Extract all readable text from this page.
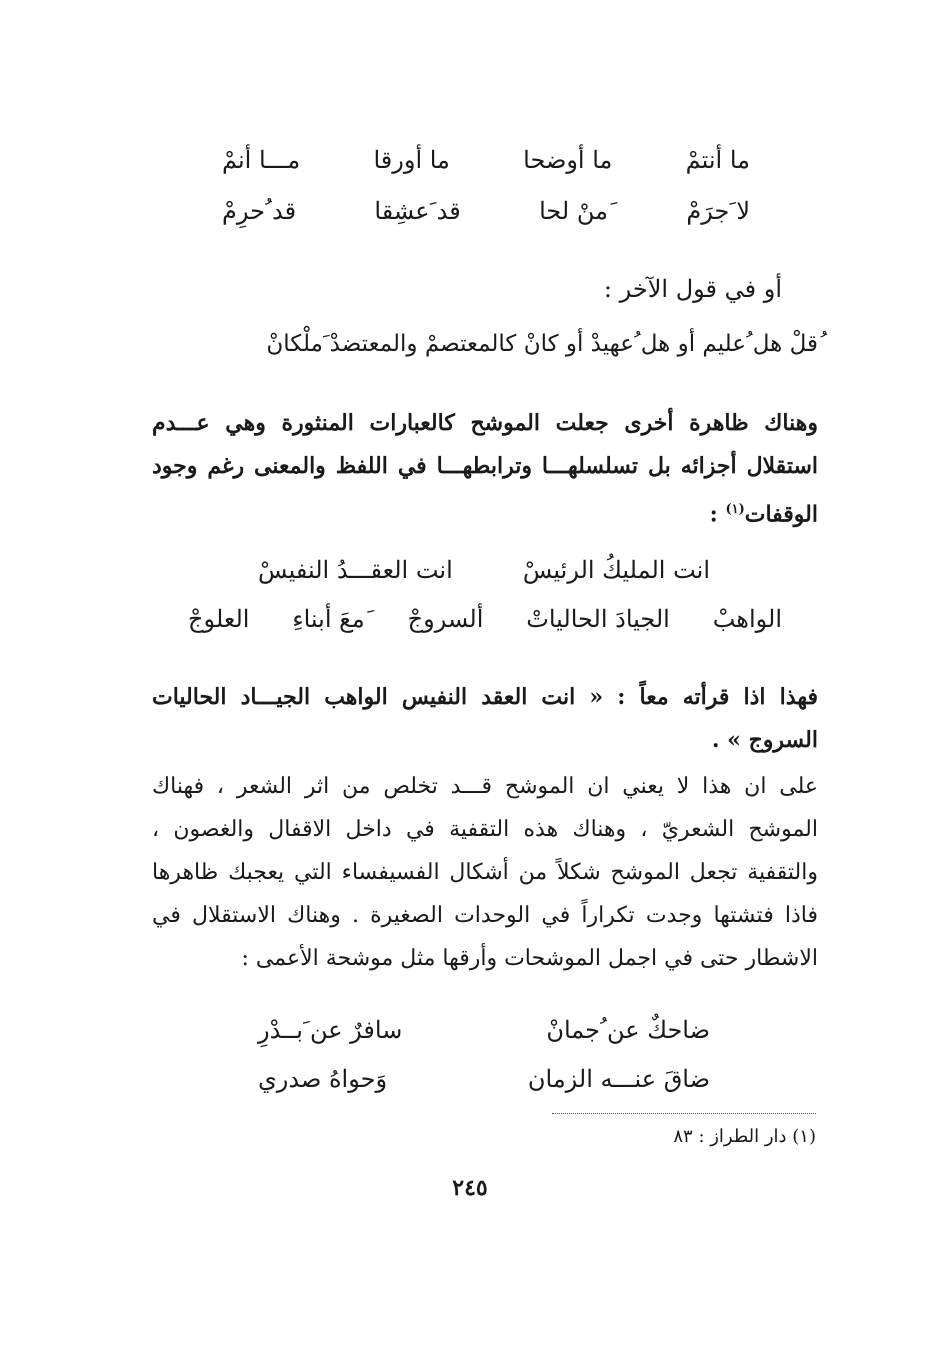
ما أنتمْ
ما أوضحا
ما أورقا
مـــا أنمْ
لا َجرَمْ
َمنْ لحا
قد َعشِقا
قد ُحرِمْ
أو في قول الآخر :
ُقلْ هل ُعليم أو هل ُعهيدْ أو كانْ كالمعتصمْ والمعتضدْ َملْكانْ
وهناك ظاهرة أخرى جعلت الموشح كالعبارات المنثورة وهي عـــدم استقلال أجزائه بل تسلسلهـــا وترابطهـــا في اللفظ والمعنى رغم وجود الوقفات$^{(١)}$ :
انت المليكُ الرئيسْ
انت العقـــدُ النفيسْ
الواهبْ
الجيادَ الحالياتْ
ألسروجْ
َمعَ أبناءِ
العلوجْ
فهذا اذا قرأته معاً : « انت العقد النفيس الواهب الجيـــاد الحاليات السروج » .
على ان هذا لا يعني ان الموشح قـــد تخلص من اثر الشعر ، فهناك الموشح الشعريّ ، وهناك هذه التقفية في داخل الاقفال والغصون ، والتقفية تجعل الموشح شكلاً من أشكال الفسيفساء التي يعجبك ظاهرها فاذا فتشتها وجدت تكراراً في الوحدات الصغيرة . وهناك الاستقلال في الاشطار حتى في اجمل الموشحات وأرقها مثل موشحة الأعمى :
ضاحكٌ عن ُجمانْ
سافرٌ عن َبــدْرِ
ضاقَ عنـــه الزمان
وَحواهُ صدري
(١) دار الطراز : ٨٣
٢٤٥
